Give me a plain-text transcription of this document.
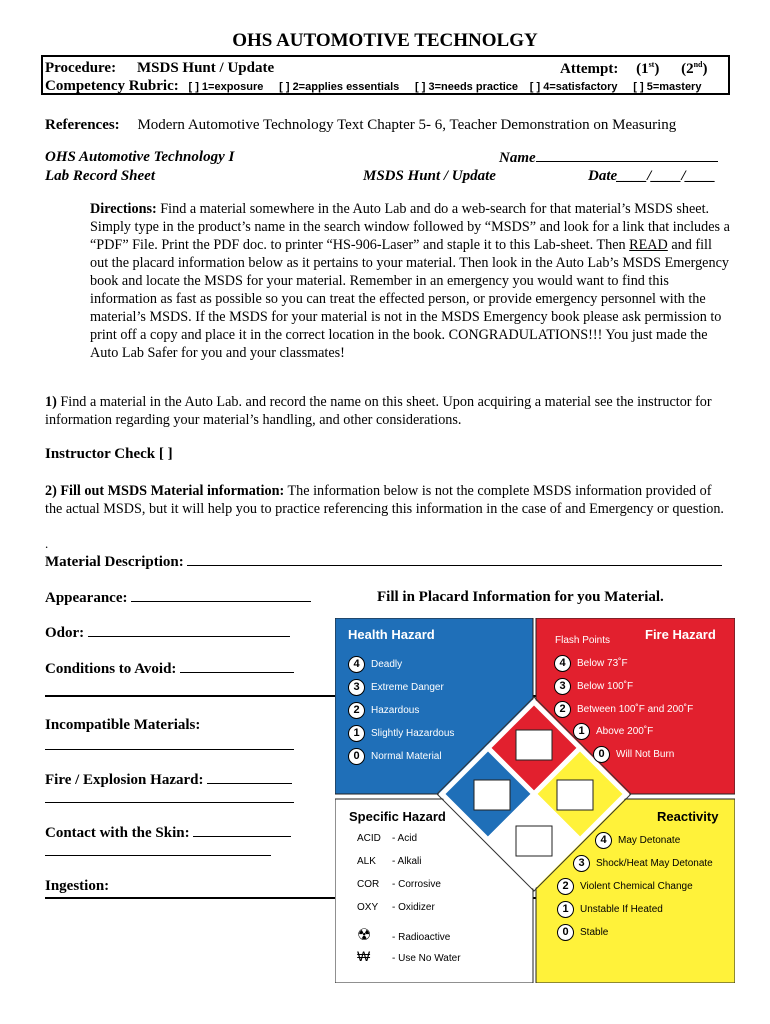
OHS AUTOMOTIVE TECHNOLGY
Procedure: MSDS Hunt / Update	Attempt: (1st) (2nd)
Competency Rubric: [ ] 1=exposure [ ] 2=applies essentials [ ] 3=needs practice [ ] 4=satisfactory [ ] 5=mastery
References: Modern Automotive Technology Text Chapter 5- 6, Teacher Demonstration on Measuring
OHS Automotive Technology I
Lab Record Sheet	MSDS Hunt / Update
Name
Date____/____/____
Directions: Find a material somewhere in the Auto Lab and do a web-search for that material’s MSDS sheet. Simply type in the product’s name in the search window followed by “MSDS” and look for a link that includes a “PDF” File. Print the PDF doc. to printer “HS-906-Laser” and staple it to this Lab-sheet. Then READ and fill out the placard information below as it pertains to your material. Then look in the Auto Lab’s MSDS Emergency book and locate the MSDS for your material. Remember in an emergency you would want to find this information as fast as possible so you can treat the effected person, or provide emergency personnel with the material’s MSDS. If the MSDS for your material is not in the MSDS Emergency book please ask permission to print off a copy and place it in the correct location in the book. CONGRADULATIONS!!! You just made the Auto Lab Safer for you and your classmates!
1) Find a material in the Auto Lab. and record the name on this sheet. Upon acquiring a material see the instructor for information regarding your material’s handling, and other considerations.
Instructor Check [ ]
2) Fill out MSDS Material information: The information below is not the complete MSDS information provided of the actual MSDS, but it will help you to practice referencing this information in the case of and Emergency or question.
.
Material Description:
Appearance:	Fill in Placard Information for you Material.
Odor:
Conditions to Avoid:
Incompatible Materials:
Fire / Explosion Hazard:
Contact with the Skin:
Ingestion:
Health Hazard
4 Deadly
3 Extreme Danger
2 Hazardous
1 Slightly Hazardous
0 Normal Material
Flash Points	Fire Hazard
4 Below 73˚F
3 Below 100˚F
2 Between 100˚F and 200˚F
1 Above 200˚F
0 Will Not Burn
Specific Hazard
ACID - Acid
ALK - Alkali
COR - Corrosive
OXY - Oxidizer
☢ - Radioactive
₩ - Use No Water
Reactivity
4 May Detonate
3 Shock/Heat May Detonate
2 Violent Chemical Change
1 Unstable If Heated
0 Stable
